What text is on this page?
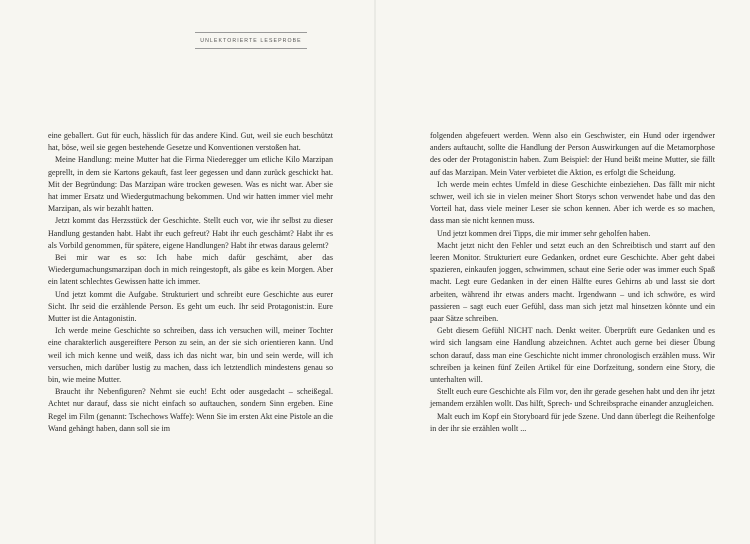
UNLEKTORIERTE LESEPROBE

eine geballert. Gut für euch, hässlich für das andere Kind. Gut, weil sie euch beschützt hat, böse, weil sie gegen bestehende Gesetze und Konventionen verstoßen hat.

Meine Handlung: meine Mutter hat die Firma Niederegger um etliche Kilo Marzipan geprellt, in dem sie Kartons gekauft, fast leer gegessen und dann zurück geschickt hat. Mit der Begründung: Das Marzipan wäre trocken gewesen. Was es nicht war. Aber sie hat immer Ersatz und Wiedergutmachung bekommen. Und wir hatten immer viel mehr Marzipan, als wir bezahlt hatten.

Jetzt kommt das Herzsstück der Geschichte. Stellt euch vor, wie ihr selbst zu dieser Handlung gestanden habt. Habt ihr euch gefreut? Habt ihr euch geschämt? Habt ihr es als Vorbild genommen, für spätere, eigene Handlungen? Habt ihr etwas daraus gelernt?

Bei mir war es so: Ich habe mich dafür geschämt, aber das Wiedergumachungsmarzipan doch in mich reingestopft, als gäbe es kein Morgen. Aber ein latent schlechtes Gewissen hatte ich immer.

Und jetzt kommt die Aufgabe. Strukturiert und schreibt eure Geschichte aus eurer Sicht. Ihr seid die erzählende Person. Es geht um euch. Ihr seid Protagonist:in. Eure Mutter ist die Antagonistin.

Ich werde meine Geschichte so schreiben, dass ich versuchen will, meiner Tochter eine charakterlich ausgereiftere Person zu sein, an der sie sich orientieren kann. Und weil ich mich kenne und weiß, dass ich das nicht war, bin und sein werde, will ich versuchen, mich darüber lustig zu machen, dass ich letztendlich mindestens genau so bin, wie meine Mutter.

Braucht ihr Nebenfiguren? Nehmt sie euch! Echt oder ausgedacht – scheißegal. Achtet nur darauf, dass sie nicht einfach so auftauchen, sondern Sinn ergeben. Eine Regel im Film (genannt: Tschechows Waffe): Wenn Sie im ersten Akt eine Pistole an die Wand gehängt haben, dann soll sie im

folgenden abgefeuert werden. Wenn also ein Geschwister, ein Hund oder irgendwer anders auftaucht, sollte die Handlung der Person Auswirkungen auf die Metamorphose des oder der Protagonist:in haben. Zum Beispiel: der Hund beißt meine Mutter, sie fällt auf das Marzipan. Mein Vater verbietet die Aktion, es erfolgt die Scheidung.

Ich werde mein echtes Umfeld in diese Geschichte einbeziehen. Das fällt mir nicht schwer, weil ich sie in vielen meiner Short Storys schon verwendet habe und das den Vorteil hat, dass viele meiner Leser sie schon kennen. Aber ich werde es so machen, dass man sie nicht kennen muss.

Und jetzt kommen drei Tipps, die mir immer sehr geholfen haben.

Macht jetzt nicht den Fehler und setzt euch an den Schreibtisch und starrt auf den leeren Monitor. Strukturiert eure Gedanken, ordnet eure Geschichte. Aber geht dabei spazieren, einkaufen joggen, schwimmen, schaut eine Serie oder was immer euch Spaß macht. Legt eure Gedanken in der einen Hälfte eures Gehirns ab und lasst sie dort arbeiten, während ihr etwas anders macht. Irgendwann – und ich schwöre, es wird passieren – sagt euch euer Gefühl, dass man sich jetzt mal hinsetzen könnte und ein paar Sätze schreiben.

Gebt diesem Gefühl NICHT nach. Denkt weiter. Überprüft eure Gedanken und es wird sich langsam eine Handlung abzeichnen. Achtet auch gerne bei dieser Übung schon darauf, dass man eine Geschichte nicht immer chronologisch erzählen muss. Wir schreiben ja keinen fünf Zeilen Artikel für eine Dorfzeitung, sondern eine Story, die unterhalten will.

Stellt euch eure Geschichte als Film vor, den ihr gerade gesehen habt und den ihr jetzt jemandem erzählen wollt. Das hilft, Sprech- und Schreibsprache einander anzugleichen.

Malt euch im Kopf ein Storyboard für jede Szene. Und dann überlegt die Reihenfolge in der ihr sie erzählen wollt ...
